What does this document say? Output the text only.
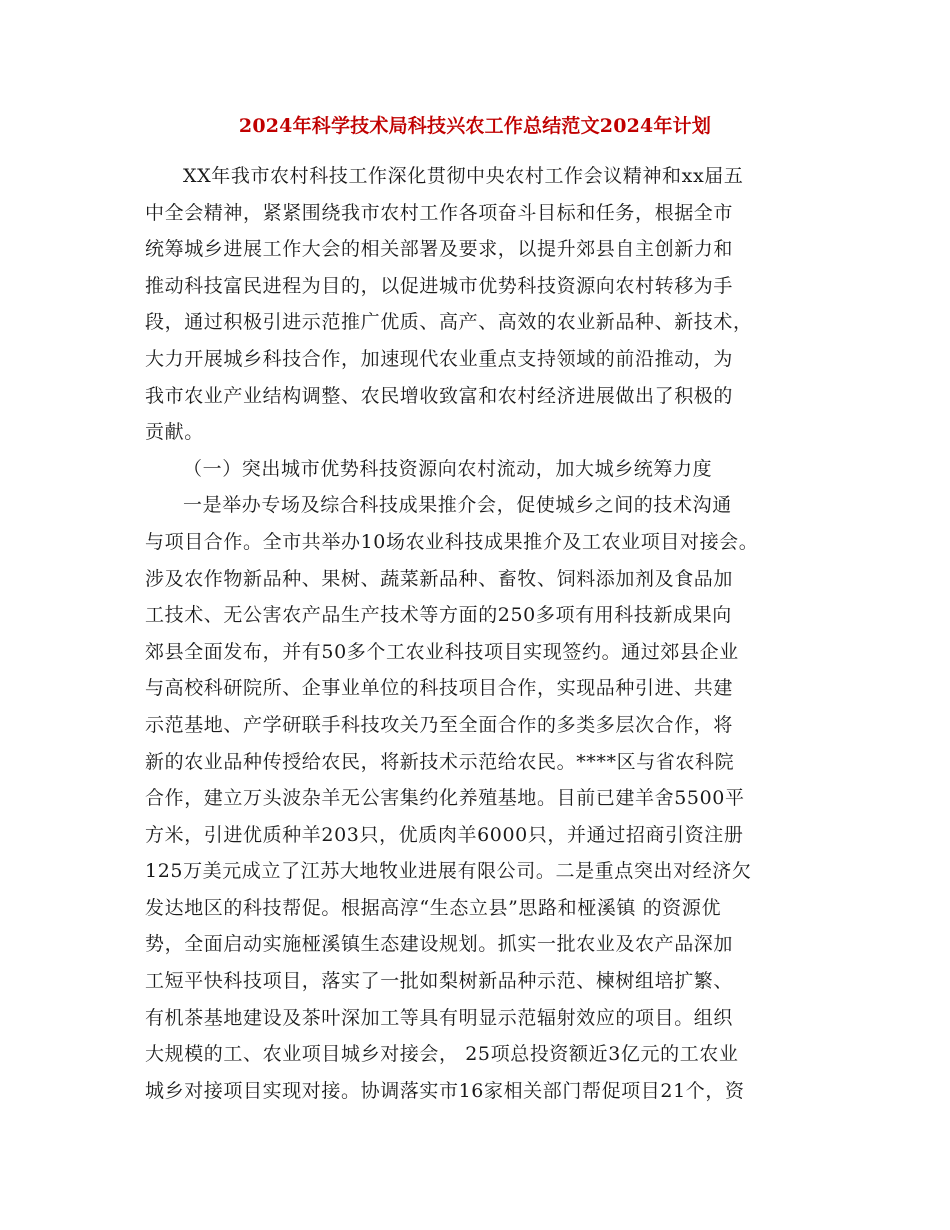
2024年科学技术局科技兴农工作总结范文2024年计划
XX年我市农村科技工作深化贯彻中央农村工作会议精神和xx届五
中全会精神，紧紧围绕我市农村工作各项奋斗目标和任务，根据全市
统筹城乡进展工作大会的相关部署及要求，以提升郊县自主创新力和
推动科技富民进程为目的，以促进城市优势科技资源向农村转移为手
段，通过积极引进示范推广优质、高产、高效的农业新品种、新技术，
大力开展城乡科技合作，加速现代农业重点支持领域的前沿推动，为
我市农业产业结构调整、农民增收致富和农村经济进展做出了积极的
贡献。
（一）突出城市优势科技资源向农村流动，加大城乡统筹力度
一是举办专场及综合科技成果推介会，促使城乡之间的技术沟通
与项目合作。全市共举办10场农业科技成果推介及工农业项目对接会。
涉及农作物新品种、果树、蔬菜新品种、畜牧、饲料添加剂及食品加
工技术、无公害农产品生产技术等方面的250多项有用科技新成果向
郊县全面发布，并有50多个工农业科技项目实现签约。通过郊县企业
与高校科研院所、企事业单位的科技项目合作，实现品种引进、共建
示范基地、产学研联手科技攻关乃至全面合作的多类多层次合作，将
新的农业品种传授给农民，将新技术示范给农民。****区与省农科院
合作，建立万头波杂羊无公害集约化养殖基地。目前已建羊舍5500平
方米，引进优质种羊203只，优质肉羊6000只，并通过招商引资注册
125万美元成立了江苏大地牧业进展有限公司。二是重点突出对经济欠
发达地区的科技帮促。根据高淳“生态立县”思路和桠溪镇 的资源优
势，全面启动实施桠溪镇生态建设规划。抓实一批农业及农产品深加
工短平快科技项目，落实了一批如梨树新品种示范、楝树组培扩繁、
有机茶基地建设及茶叶深加工等具有明显示范辐射效应的项目。组织
大规模的工、农业项目城乡对接会， 25项总投资额近3亿元的工农业
城乡对接项目实现对接。协调落实市16家相关部门帮促项目21个，资
